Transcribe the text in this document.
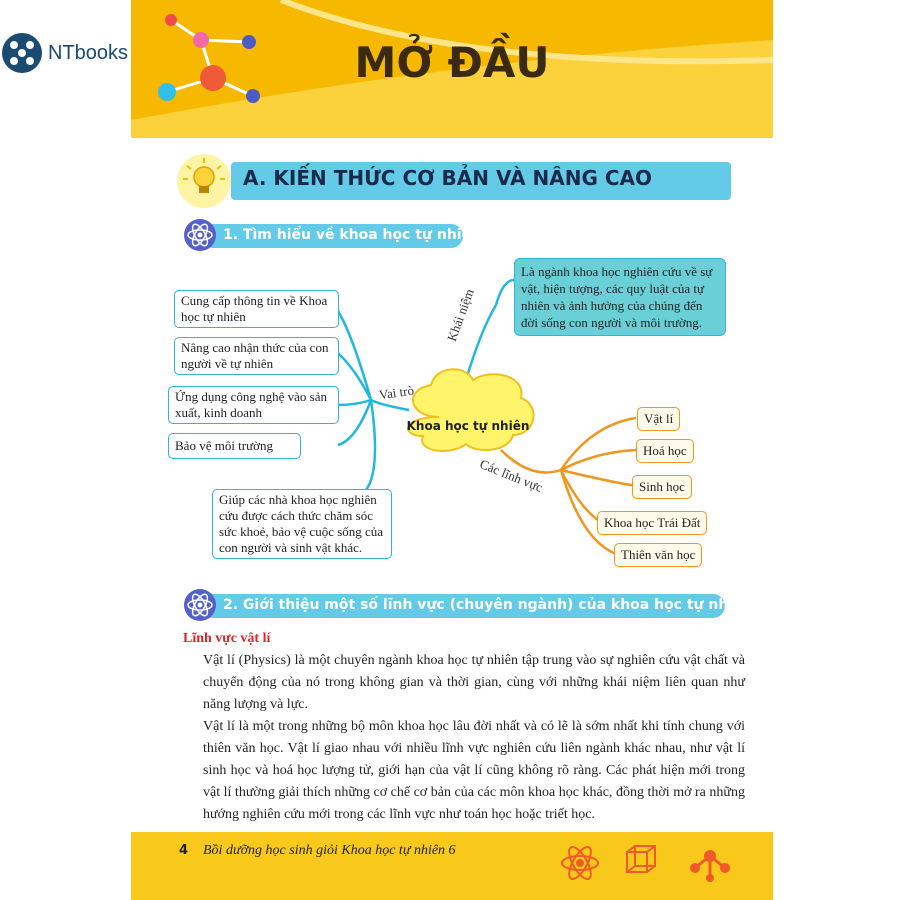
NTbooks	MỞ ĐẦU
A. KIẾN THỨC CƠ BẢN VÀ NÂNG CAO
1. Tìm hiểu về khoa học tự nhiên
Khoa học tự nhiên
Vai trò
Khái niệm
Các lĩnh vực
Cung cấp thông tin về Khoa học tự nhiên
Nâng cao nhận thức của con người về tự nhiên
Ứng dụng công nghệ vào sản xuất, kinh doanh
Bảo vệ môi trường
Giúp các nhà khoa học nghiên cứu được cách thức chăm sóc sức khoẻ, bảo vệ cuộc sống của con người và sinh vật khác.
Là ngành khoa học nghiên cứu về sự vật, hiện tượng, các quy luật của tự nhiên và ảnh hưởng của chúng đến đời sống con người và môi trường.
Vật lí
Hoá học
Sinh học
Khoa học Trái Đất
Thiên văn học
2. Giới thiệu một số lĩnh vực (chuyên ngành) của khoa học tự nhiên
Lĩnh vực vật lí
Vật lí (Physics) là một chuyên ngành khoa học tự nhiên tập trung vào sự nghiên cứu vật chất và chuyển động của nó trong không gian và thời gian, cùng với những khái niệm liên quan như năng lượng và lực.
Vật lí là một trong những bộ môn khoa học lâu đời nhất và có lẽ là sớm nhất khi tính chung với thiên văn học. Vật lí giao nhau với nhiều lĩnh vực nghiên cứu liên ngành khác nhau, như vật lí sinh học và hoá học lượng tử, giới hạn của vật lí cũng không rõ ràng. Các phát hiện mới trong vật lí thường giải thích những cơ chế cơ bản của các môn khoa học khác, đồng thời mở ra những hướng nghiên cứu mới trong các lĩnh vực như toán học hoặc triết học.
4 Bồi dưỡng học sinh giỏi Khoa học tự nhiên 6
